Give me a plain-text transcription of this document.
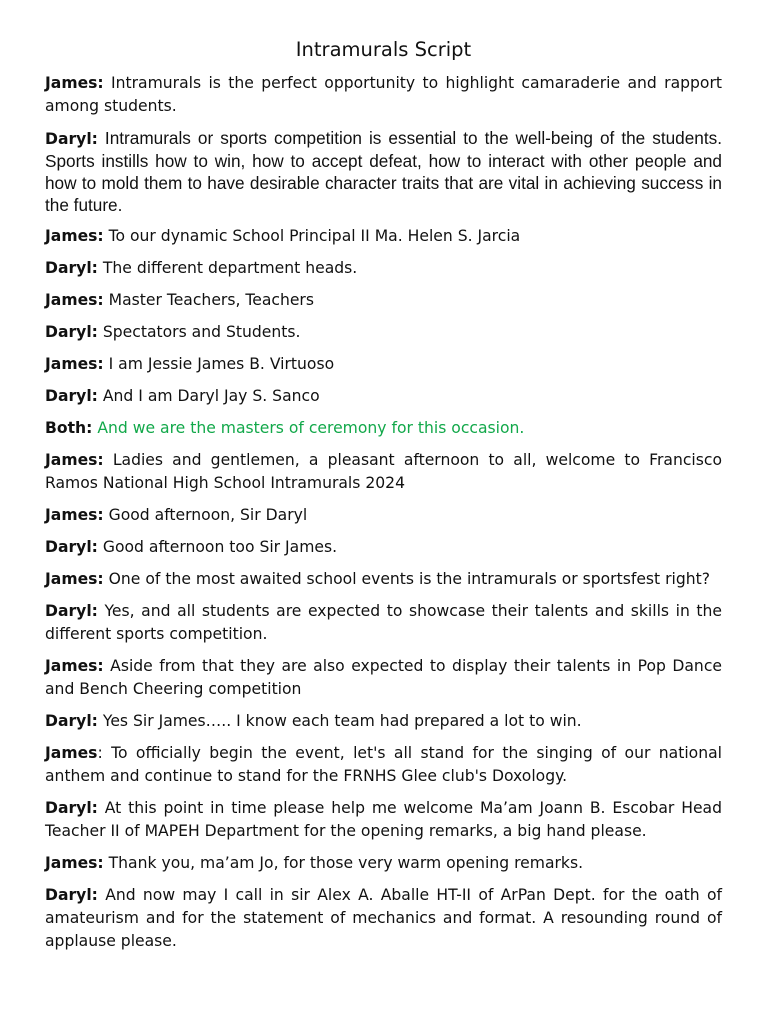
Intramurals Script

James: Intramurals is the perfect opportunity to highlight camaraderie and rapport among students.

Daryl: Intramurals or sports competition is essential to the well-being of the students. Sports instills how to win, how to accept defeat, how to interact with other people and how to mold them to have desirable character traits that are vital in achieving success in the future.

James: To our dynamic School Principal II Ma. Helen S. Jarcia

Daryl: The different department heads.

James: Master Teachers, Teachers

Daryl: Spectators and Students.

James: I am Jessie James B. Virtuoso

Daryl: And I am Daryl Jay S. Sanco

Both: And we are the masters of ceremony for this occasion.

James: Ladies and gentlemen, a pleasant afternoon to all, welcome to Francisco Ramos National High School Intramurals 2024

James: Good afternoon, Sir Daryl

Daryl: Good afternoon too Sir James.

James: One of the most awaited school events is the intramurals or sportsfest right?

Daryl: Yes, and all students are expected to showcase their talents and skills in the different sports competition.

James: Aside from that they are also expected to display their talents in Pop Dance and Bench Cheering competition

Daryl: Yes Sir James….. I know each team had prepared a lot to win.

James: To officially begin the event, let's all stand for the singing of our national anthem and continue to stand for the FRNHS Glee club's Doxology.

Daryl: At this point in time please help me welcome Ma’am Joann B. Escobar Head Teacher II of MAPEH Department for the opening remarks, a big hand please.

James: Thank you, ma’am Jo, for those very warm opening remarks.

Daryl: And now may I call in sir Alex A. Aballe HT-II of ArPan Dept. for the oath of amateurism and for the statement of mechanics and format. A resounding round of applause please.
